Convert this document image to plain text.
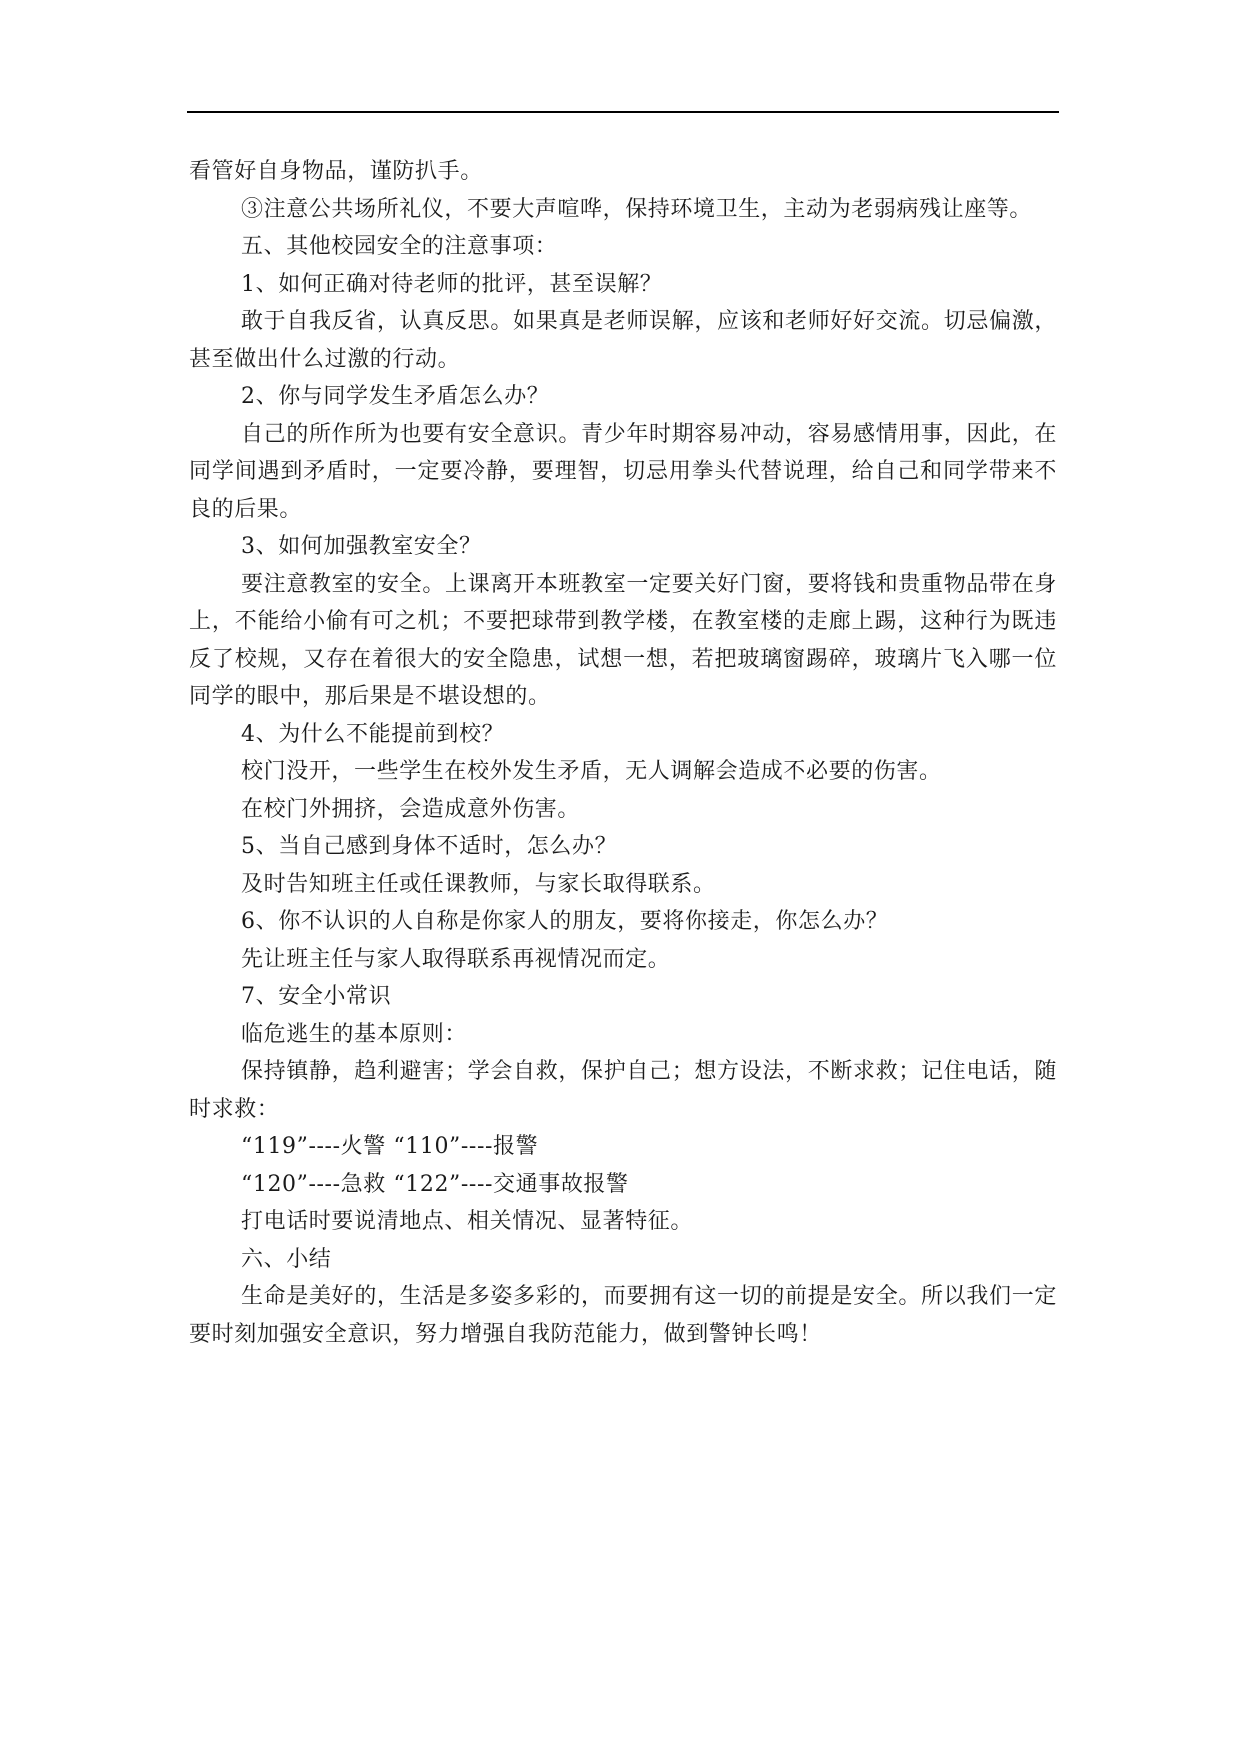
看管好自身物品，谨防扒手。

③注意公共场所礼仪，不要大声喧哗，保持环境卫生，主动为老弱病残让座等。

五、其他校园安全的注意事项：

1、如何正确对待老师的批评，甚至误解？

敢于自我反省，认真反思。如果真是老师误解，应该和老师好好交流。切忌偏激，甚至做出什么过激的行动。

2、你与同学发生矛盾怎么办？

自己的所作所为也要有安全意识。青少年时期容易冲动，容易感情用事，因此，在同学间遇到矛盾时，一定要冷静，要理智，切忌用拳头代替说理，给自己和同学带来不良的后果。

3、如何加强教室安全？

要注意教室的安全。上课离开本班教室一定要关好门窗，要将钱和贵重物品带在身上，不能给小偷有可之机；不要把球带到教学楼，在教室楼的走廊上踢，这种行为既违反了校规，又存在着很大的安全隐患，试想一想，若把玻璃窗踢碎，玻璃片飞入哪一位同学的眼中，那后果是不堪设想的。

4、为什么不能提前到校？

校门没开，一些学生在校外发生矛盾，无人调解会造成不必要的伤害。

在校门外拥挤，会造成意外伤害。

5、当自己感到身体不适时，怎么办？

及时告知班主任或任课教师，与家长取得联系。

6、你不认识的人自称是你家人的朋友，要将你接走，你怎么办？

先让班主任与家人取得联系再视情况而定。

7、安全小常识

临危逃生的基本原则：

保持镇静，趋利避害；学会自救，保护自己；想方设法，不断求救；记住电话，随时求救：

“119”----火警 “110”----报警

“120”----急救 “122”----交通事故报警

打电话时要说清地点、相关情况、显著特征。

六、小结

生命是美好的，生活是多姿多彩的，而要拥有这一切的前提是安全。所以我们一定要时刻加强安全意识，努力增强自我防范能力，做到警钟长鸣！
